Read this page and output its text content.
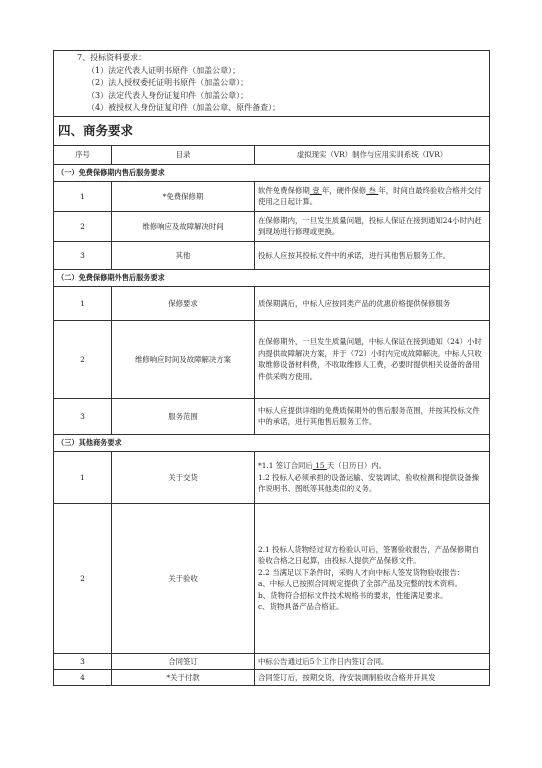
7、投标资料要求：

（1）法定代表人证明书原件（加盖公章）；

（2）法人授权委托证明书原件（加盖公章）；

（3）法定代表人身份证复印件（加盖公章）；

（4）被授权人身份证复印件（加盖公章、原件备查）；		

四、商务要求		
序号	目录	虚拟现实（VR）制作与应用实训系统（IVR）
（一）免费保修期内售后服务要求		
1	*免费保修期	软件免费保修期 壹 年，硬件保修 叁 年，时间自最终验收合格并交付使用之日起计算。
2	维修响应及故障解决时间	在保修期内，一旦发生质量问题，投标人保证在接到通知24小时内赶到现场进行修理或更换。
3	其他	投标人应按其投标文件中的承诺，进行其他售后服务工作。
（二）免费保修期外售后服务要求		
1	保修要求	质保期满后，中标人应按同类产品的优惠价格提供保修服务
2	维修响应时间及故障解决方案	在保修期外，一旦发生质量问题，中标人保证在接到通知（24）小时内提供故障解决方案，并于（72）小时内完成故障解决。中标人只收取维修设备材料费，不收取维修人工费，必要时提供相关设备的备用件供采购方使用。
3	服务范围	中标人应提供详细的免费质保期外的售后服务范围，并按其投标文件中的承诺，进行其他售后服务工作。
（三）其他商务要求		
1	关于交货	*1.1 签订合同后 15 天（日历日）内。
1.2 投标人必须承担的设备运输、安装调试、验收检测和提供设备操作说明书、图纸等其他类似的义务。

2	关于验收	2.1 投标人货物经过双方检验认可后，签署验收报告，产品保修期自验收合格之日起算，由投标人提供产品保修文件。
2.2 当满足以下条件时，采购人才向中标人签发货物验收报告：
a、中标人已按照合同规定提供了全部产品及完整的技术资料。
b、货物符合招标文件技术规格书的要求，性能满足要求。
c、货物具备产品合格证。

3	合同签订	中标公告通过后5个工作日内签订合同。
4	*关于付款	合同签订后，按期交货，待安装调制验收合格并开具发
